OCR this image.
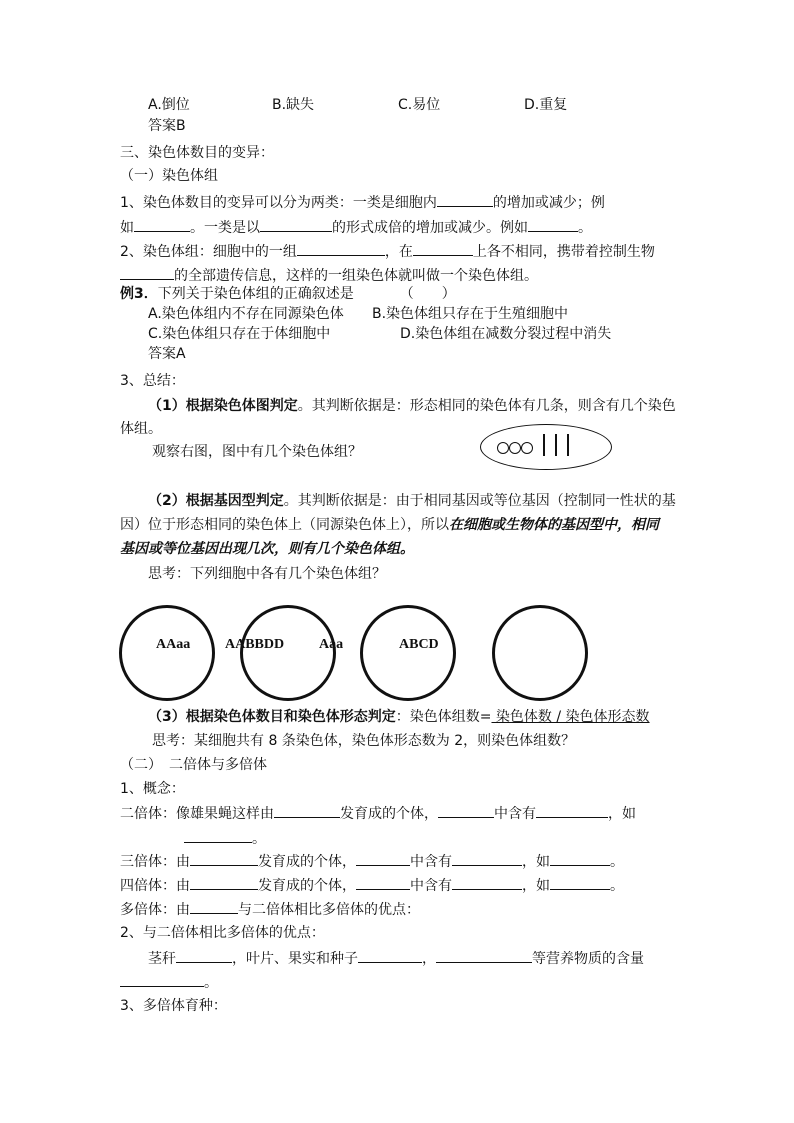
A.倒位	B.缺失	C.易位	D.重复
答案B
三、染色体数目的变异：
（一）染色体组
1、染色体数目的变异可以分为两类：一类是细胞内	的增加或减少；例
如	。一类是以	的形式成倍的增加或减少。例如	。
2、染色体组：细胞中的一组	，在	上各不相同，携带着控制生物
的全部遗传信息，这样的一组染色体就叫做一个染色体组。
例3．下列关于染色体组的正确叙述是	（　　）
A.染色体组内不存在同源染色体 B.染色体组只存在于生殖细胞中
C.染色体组只存在于体细胞中	D.染色体组在减数分裂过程中消失
答案A
3、总结：
（1）根据染色体图判定。其判断依据是：形态相同的染色体有几条，则含有几个染色
体组。
观察右图，图中有几个染色体组？
（2）根据基因型判定。其判断依据是：由于相同基因或等位基因（控制同一性状的基
因）位于形态相同的染色体上（同源染色体上），所以在细胞或生物体的基因型中，相同
基因或等位基因出现几次，则有几个染色体组。
思考：下列细胞中各有几个染色体组？
AAaa AABBDD Aaa	ABCD
（3）根据染色体数目和染色体形态判定：染色体组数= 染色体数 / 染色体形态数
思考：某细胞共有 8 条染色体，染色体形态数为 2，则染色体组数？
（二）　二倍体与多倍体
1、概念：
二倍体：像雄果蝇这样由	发育成的个体，	中含有	，如
。
三倍体：由	发育成的个体，	中含有	，如	。
四倍体：由	发育成的个体，	中含有	，如	。
多倍体：由	与二倍体相比多倍体的优点：
2、与二倍体相比多倍体的优点：
茎秆	，叶片、果实和种子	，	等营养物质的含量
。
3、多倍体育种：
